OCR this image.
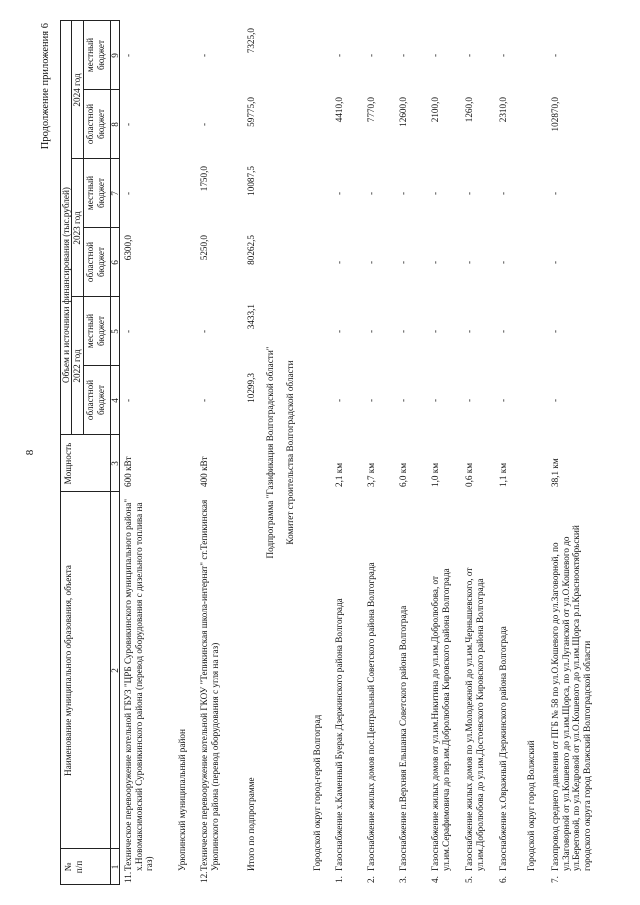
8
Продолжение приложения 6
№
п/п
Наименование муниципального образования, объекта
Мощность
Объем и источники финансирования (тыс.рублей)
2022 год
2023 год
2024 год
областной бюджет
местный бюджет
областной бюджет
местный бюджет
областной бюджет
местный бюджет
1
2
3
4
5
6
7
8
9
11.
Техническое перевооружение котельной ГБУЗ "ЦРБ Суровикинского муниципального района" х.Новомаксимовский Суровикинского района (перевод оборудования с дизельного топлива на газ)
600 кВт
-
-
6300,0
-
-
-
Урюпинский муниципальный район
12.
Техническое перевооружение котельной ГКОУ "Тепикинская школа-интернат" ст.Тепикинская Урюпинского района (перевод оборудования с угля на газ)
400 кВт
-
-
5250,0
1750,0
-
-
Итого по подпрограмме
10299,3
3433,1
80262,5
10087,5
59775,0
7325,0
Подпрограмма "Газификация Волгоградской области" Комитет строительства Волгоградской области
Городской округ город-герой Волгоград
1.
Газоснабжение х.Каменный Буерак Дзержинского района Волгограда
2,1 км
-
-
-
-
4410,0
-
2.
Газоснабжение жилых домов пос.Центральный Советского района Волгограда
3,7 км
-
-
-
-
7770,0
-
3.
Газоснабжение п.Верхняя Ельшанка Советского района Волгограда
6,0 км
-
-
-
-
12600,0
-
4.
Газоснабжение жилых домов от ул.им.Никитина до ул.им.Добролюбова, от ул.им.Серафимовича до пер.им.Добролюбова Кировского района Волгограда
1,0 км
-
-
-
-
2100,0
-
5.
Газоснабжение жилых домов по ул.Молодежной до ул.им.Чернышевского, от ул.им.Добролюбова до ул.им.Достоевского Кировского района Волгограда
0,6 км
-
-
-
-
1260,0
-
6.
Газоснабжение х.Овражный Дзержинского района Волгограда
1,1 км
-
-
-
-
2310,0
-
Городской округ город Волжский
7.
Газопровод среднего давления от ПГБ № 58 по ул.О.Кошевого до ул.Заговорной, по ул.Заговорной от ул.Кошевого до ул.им.Щорса, по ул.Луганской от ул.О.Кошевого до ул.Береговой, по ул.Кедровой от ул.О.Кошевого до ул.им.Щорса р.п.Краснооктябрьский городского округа город Волжский Волгоградской области
38,1 км
-
-
-
-
102870,0
-
